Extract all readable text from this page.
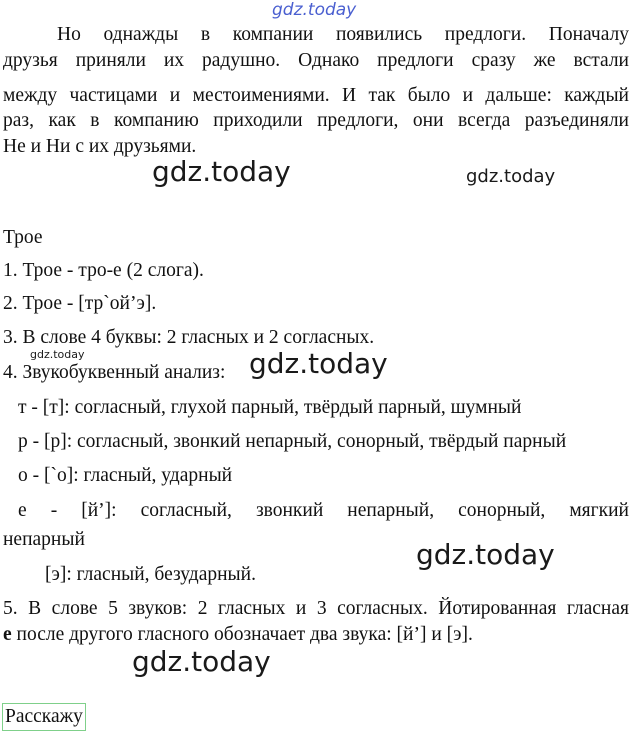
gdz.today
Но однажды в компании появились предлоги. Поначалу
друзья приняли их радушно. Однако предлоги сразу же встали
между частицами и местоимениями. И так было и дальше: каждый
раз, как в компанию приходили предлоги, они всегда разъединяли
Не и Ни с их друзьями.
gdz.today	gdz.today
Трое
1. Трое - тро-е (2 слога).
2. Трое - [тр`ой’э].
3. В слове 4 буквы: 2 гласных и 2 согласных.
gdz.today
4. Звукобуквенный анализ: gdz.today
т - [т]: согласный, глухой парный, твёрдый парный, шумный
р - [р]: согласный, звонкий непарный, сонорный, твёрдый парный
о - [`о]: гласный, ударный
е - [й’]: согласный, звонкий непарный, сонорный, мягкий
непарный	gdz.today
[э]: гласный, безударный.
5. В слове 5 звуков: 2 гласных и 3 согласных. Йотированная гласная
е после другого гласного обозначает два звука: [й’] и [э].
gdz.today
Расскажу
